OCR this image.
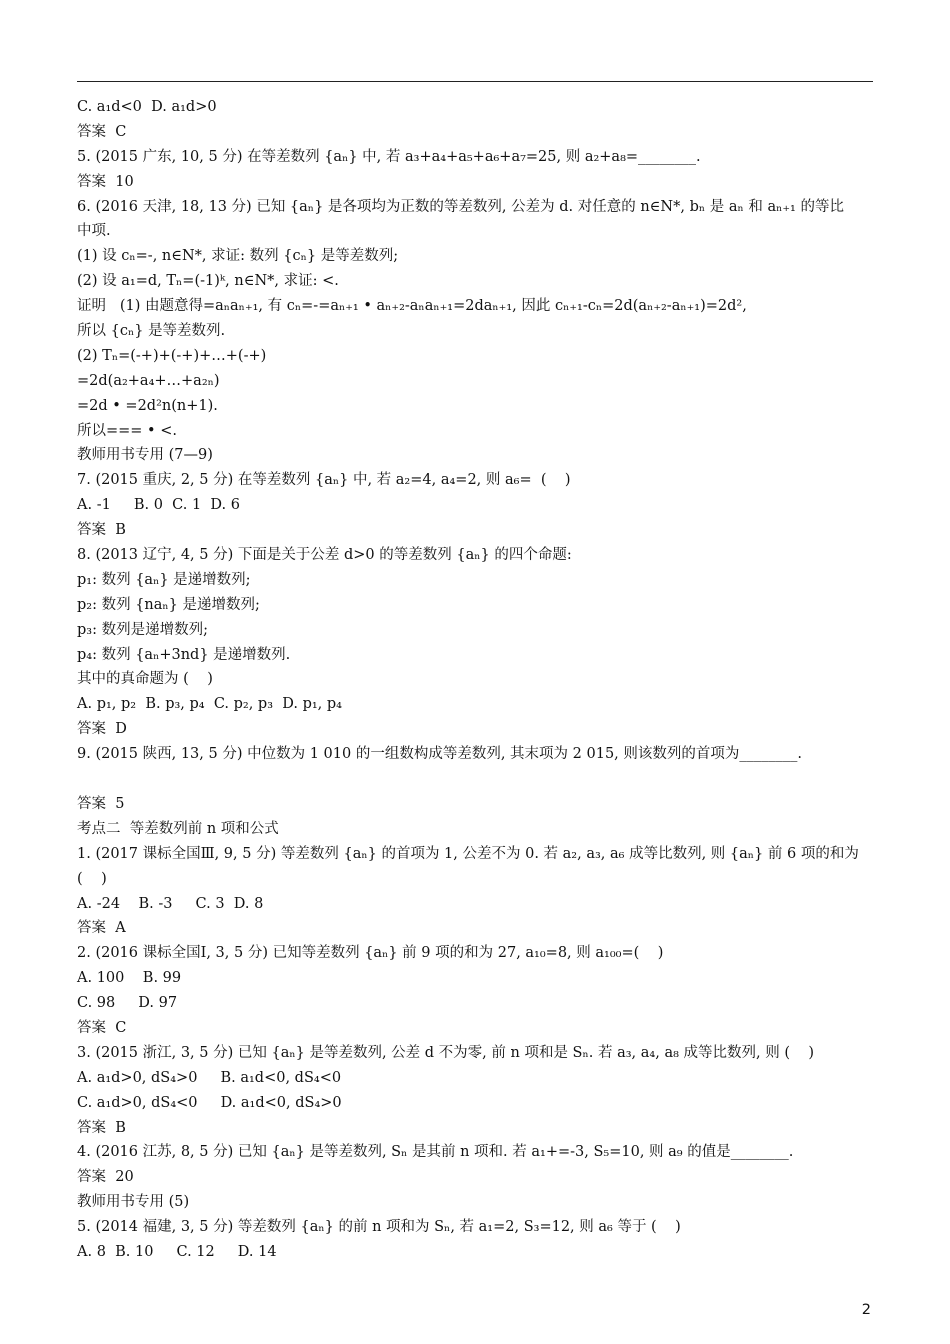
C. a₁d<0  D. a₁d>0
答案  C
5. (2015 广东, 10, 5 分) 在等差数列 {aₙ} 中, 若 a₃+a₄+a₅+a₆+a₇=25, 则 a₂+a₈=________.
答案  10
6. (2016 天津, 18, 13 分) 已知 {aₙ} 是各项均为正数的等差数列, 公差为 d. 对任意的 n∈N*, bₙ 是 aₙ 和 aₙ₊₁ 的等比
中项.
(1) 设 cₙ=-, n∈N*, 求证: 数列 {cₙ} 是等差数列;
(2) 设 a₁=d, Tₙ=(-1)ᵏ, n∈N*, 求证: <.
证明   (1) 由题意得=aₙaₙ₊₁, 有 cₙ=-=aₙ₊₁ • aₙ₊₂-aₙaₙ₊₁=2daₙ₊₁, 因此 cₙ₊₁-cₙ=2d(aₙ₊₂-aₙ₊₁)=2d²,
所以 {cₙ} 是等差数列.
(2) Tₙ=(-+)+(-+)+…+(-+)
=2d(a₂+a₄+…+a₂ₙ)
=2d • =2d²n(n+1).
所以=== • <.
教师用书专用 (7—9)
7. (2015 重庆, 2, 5 分) 在等差数列 {aₙ} 中, 若 a₂=4, a₄=2, 则 a₆=  (    )
A. -1     B. 0  C. 1  D. 6
答案  B
8. (2013 辽宁, 4, 5 分) 下面是关于公差 d>0 的等差数列 {aₙ} 的四个命题:
p₁: 数列 {aₙ} 是递增数列;
p₂: 数列 {naₙ} 是递增数列;
p₃: 数列是递增数列;
p₄: 数列 {aₙ+3nd} 是递增数列.
其中的真命题为 (    )
A. p₁, p₂  B. p₃, p₄  C. p₂, p₃  D. p₁, p₄
答案  D
9. (2015 陕西, 13, 5 分) 中位数为 1 010 的一组数构成等差数列, 其末项为 2 015, 则该数列的首项为________.
答案  5
考点二  等差数列前 n 项和公式
1. (2017 课标全国Ⅲ, 9, 5 分) 等差数列 {aₙ} 的首项为 1, 公差不为 0. 若 a₂, a₃, a₆ 成等比数列, 则 {aₙ} 前 6 项的和为
(    )
A. -24    B. -3     C. 3  D. 8
答案  A
2. (2016 课标全国Ⅰ, 3, 5 分) 已知等差数列 {aₙ} 前 9 项的和为 27, a₁₀=8, 则 a₁₀₀=(    )
A. 100    B. 99
C. 98     D. 97
答案  C
3. (2015 浙江, 3, 5 分) 已知 {aₙ} 是等差数列, 公差 d 不为零, 前 n 项和是 Sₙ. 若 a₃, a₄, a₈ 成等比数列, 则 (    )
A. a₁d>0, dS₄>0     B. a₁d<0, dS₄<0
C. a₁d>0, dS₄<0     D. a₁d<0, dS₄>0
答案  B
4. (2016 江苏, 8, 5 分) 已知 {aₙ} 是等差数列, Sₙ 是其前 n 项和. 若 a₁+=-3, S₅=10, 则 a₉ 的值是________.
答案  20
教师用书专用 (5)
5. (2014 福建, 3, 5 分) 等差数列 {aₙ} 的前 n 项和为 Sₙ, 若 a₁=2, S₃=12, 则 a₆ 等于 (    )
A. 8  B. 10     C. 12     D. 14
2
